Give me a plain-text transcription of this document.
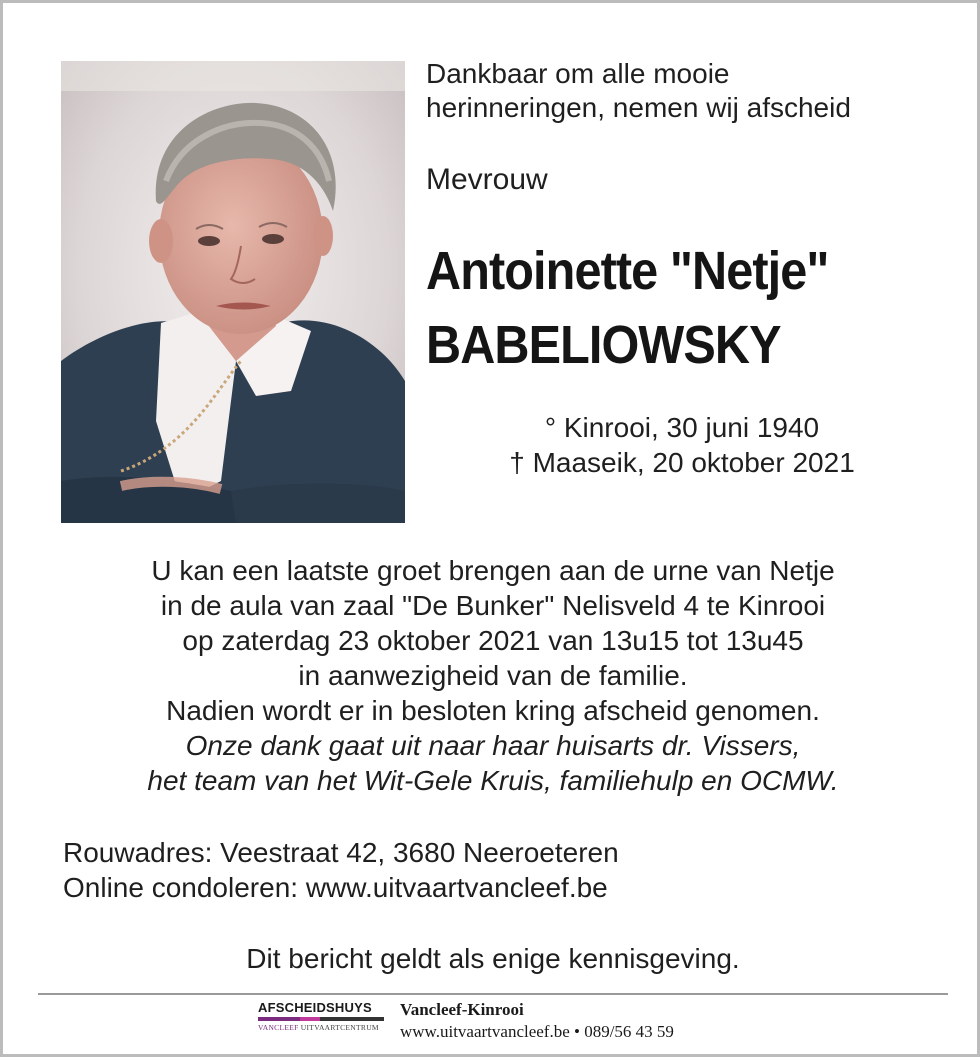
Dankbaar om alle mooie
herinneringen, nemen wij afscheid
Mevrouw
Antoinette "Netje"
BABELIOWSKY
° Kinrooi, 30 juni 1940
† Maaseik, 20 oktober 2021
U kan een laatste groet brengen aan de urne van Netje
in de aula van zaal "De Bunker" Nelisveld 4 te Kinrooi
op zaterdag 23 oktober 2021 van 13u15 tot 13u45
in aanwezigheid van de familie.
Nadien wordt er in besloten kring afscheid genomen.
Onze dank gaat uit naar haar huisarts dr. Vissers,
het team van het Wit-Gele Kruis, familiehulp en OCMW.
Rouwadres: Veestraat 42, 3680 Neeroeteren
Online condoleren: www.uitvaartvancleef.be
Dit bericht geldt als enige kennisgeving.
AFSCHEIDSHUYS
VANCLEEF UITVAARTCENTRUM
Vancleef-Kinrooi
www.uitvaartvancleef.be • 089/56 43 59
